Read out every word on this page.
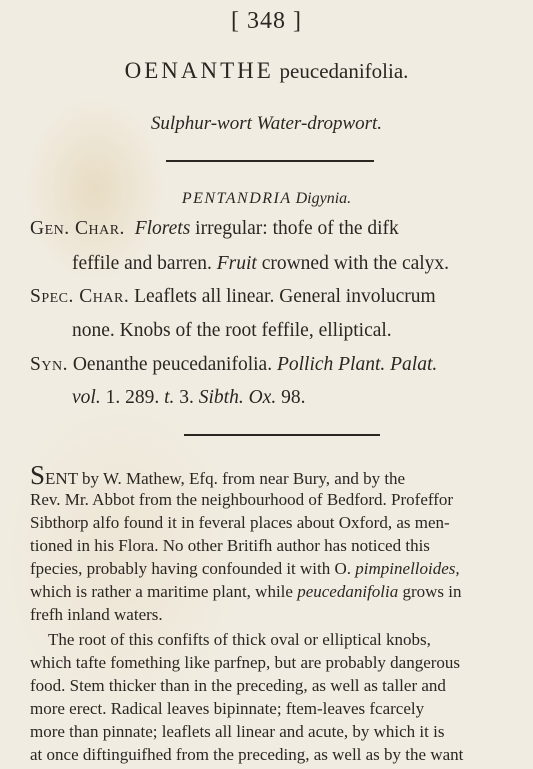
[ 348 ]
OENANTHE peucedanifolia.
Sulphur-wort Water-dropwort.
PENTANDRIA Digynia.
Gen. Char. Florets irregular: thofe of the difk
feffile and barren. Fruit crowned with the calyx.
Spec. Char. Leaflets all linear. General involucrum
none. Knobs of the root feffile, elliptical.
Syn. Oenanthe peucedanifolia. Pollich Plant. Palat.
vol. 1. 289. t. 3. Sibth. Ox. 98.
SENT by W. Mathew, Efq. from near Bury, and by the
Rev. Mr. Abbot from the neighbourhood of Bedford. Profeffor
Sibthorp alfo found it in feveral places about Oxford, as men-
tioned in his Flora. No other Britifh author has noticed this
fpecies, probably having confounded it with O. pimpinelloides,
which is rather a maritime plant, while peucedanifolia grows in
frefh inland waters.
The root of this confifts of thick oval or elliptical knobs,
which tafte fomething like parfnep, but are probably dangerous
food. Stem thicker than in the preceding, as well as taller and
more erect. Radical leaves bipinnate; ftem-leaves fcarcely
more than pinnate; leaflets all linear and acute, by which it is
at once diftinguifhed from the preceding, as well as by the want
